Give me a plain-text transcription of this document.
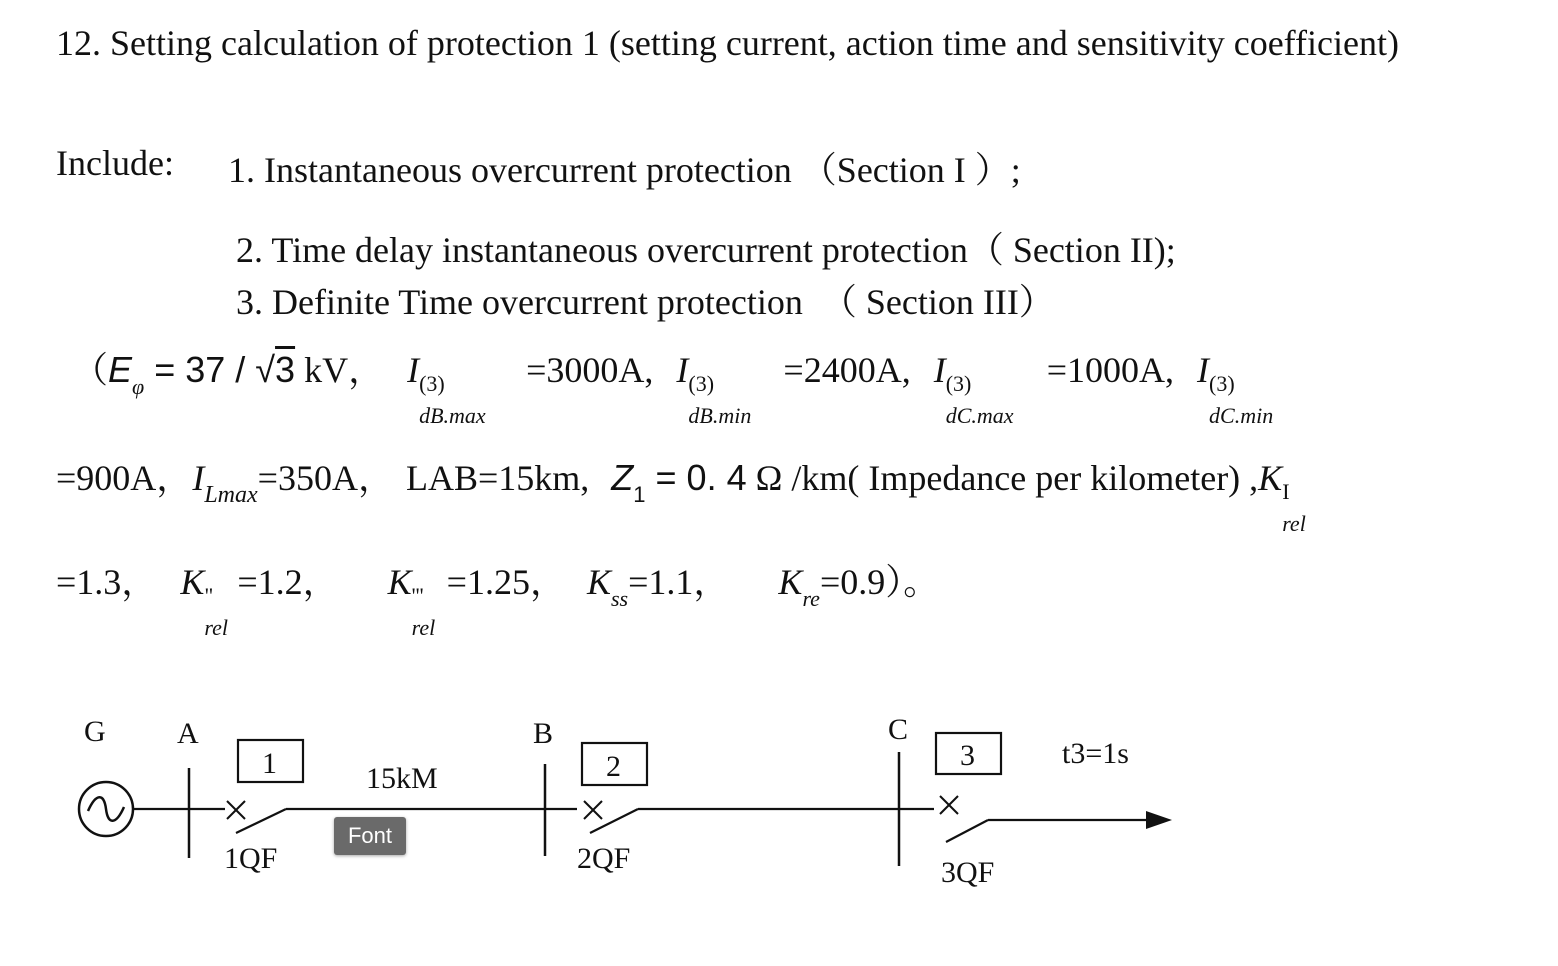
12. Setting calculation of protection 1 (setting current, action time and sensitivity coefficient)
Include: 1. Instantaneous overcurrent protection （Section I ）;
2. Time delay instantaneous overcurrent protection（ Section II);
3. Definite Time overcurrent protection　（ Section III）
（$E_\varphi = 37 / √3$ kV， I (3)
dB.max
=3000A, I (3)
dB.min
=2400A, I (3)
dC.max
=1000A, I (3)
dC.min
=900A，$I_{Lmax}=350A$， LAB=15km, $Z_1 = 0$. 4 Ω /km( Impedance per kilometer) ,K I
rel
=1.3， K "
rel
=1.2， K '''
rel
=1.25， $K_{ss}=1.1$， $K_{re}=0.9$）。
G A	B	C
1	2	3
1QF	2QF	3QF
15kM
t3=1s
Font
